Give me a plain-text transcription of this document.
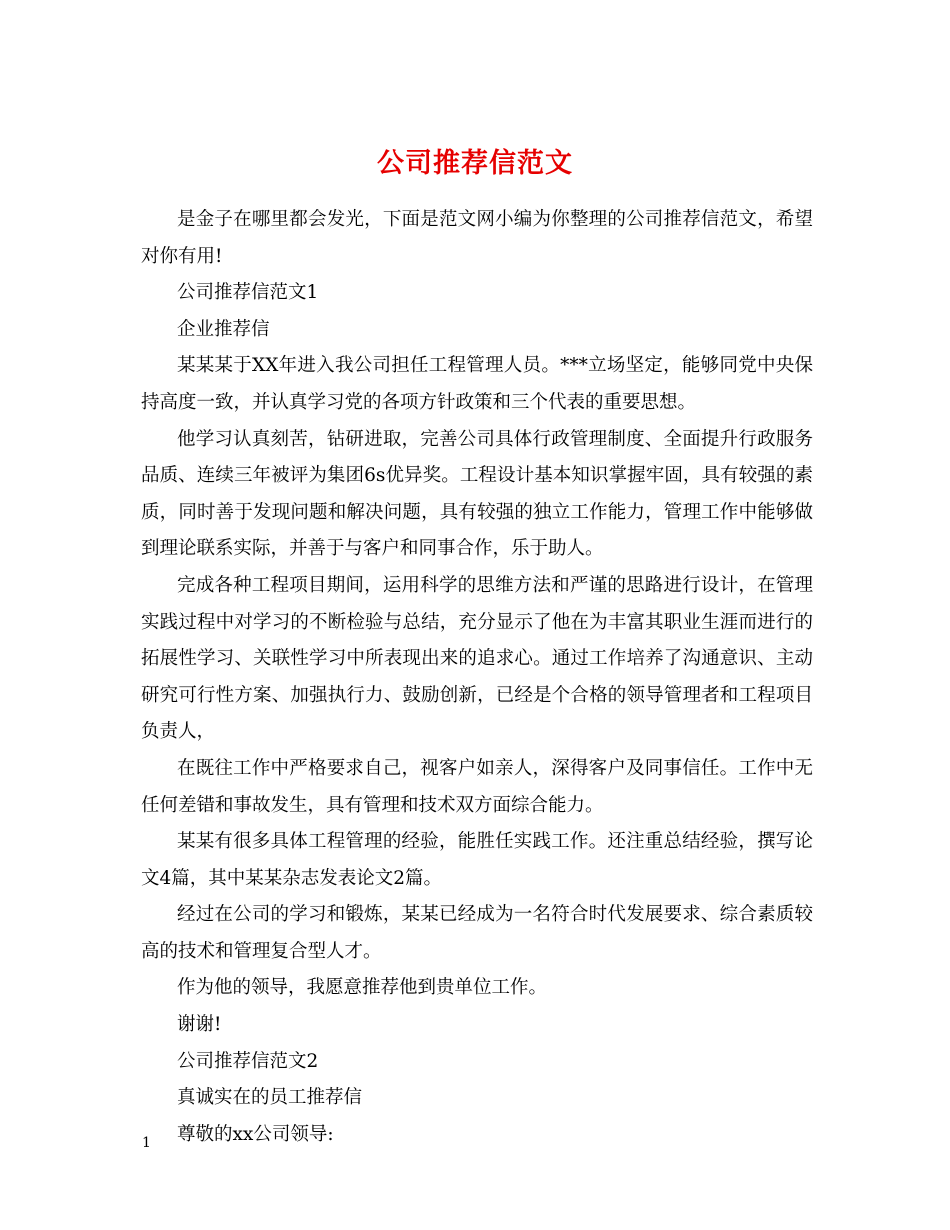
公司推荐信范文

是金子在哪里都会发光，下面是范文网小编为你整理的公司推荐信范文，希望对你有用!

公司推荐信范文1

企业推荐信

某某某于XX年进入我公司担任工程管理人员。***立场坚定，能够同党中央保持高度一致，并认真学习党的各项方针政策和三个代表的重要思想。

他学习认真刻苦，钻研进取，完善公司具体行政管理制度、全面提升行政服务品质、连续三年被评为集团6s优异奖。工程设计基本知识掌握牢固，具有较强的素质，同时善于发现问题和解决问题，具有较强的独立工作能力，管理工作中能够做到理论联系实际，并善于与客户和同事合作，乐于助人。

完成各种工程项目期间，运用科学的思维方法和严谨的思路进行设计，在管理实践过程中对学习的不断检验与总结，充分显示了他在为丰富其职业生涯而进行的拓展性学习、关联性学习中所表现出来的追求心。通过工作培养了沟通意识、主动研究可行性方案、加强执行力、鼓励创新，已经是个合格的领导管理者和工程项目负责人，

在既往工作中严格要求自己，视客户如亲人，深得客户及同事信任。工作中无任何差错和事故发生，具有管理和技术双方面综合能力。

某某有很多具体工程管理的经验，能胜任实践工作。还注重总结经验，撰写论文4篇，其中某某杂志发表论文2篇。

经过在公司的学习和锻炼，某某已经成为一名符合时代发展要求、综合素质较高的技术和管理复合型人才。

作为他的领导，我愿意推荐他到贵单位工作。

谢谢!

公司推荐信范文2

真诚实在的员工推荐信

尊敬的xx公司领导:

1
